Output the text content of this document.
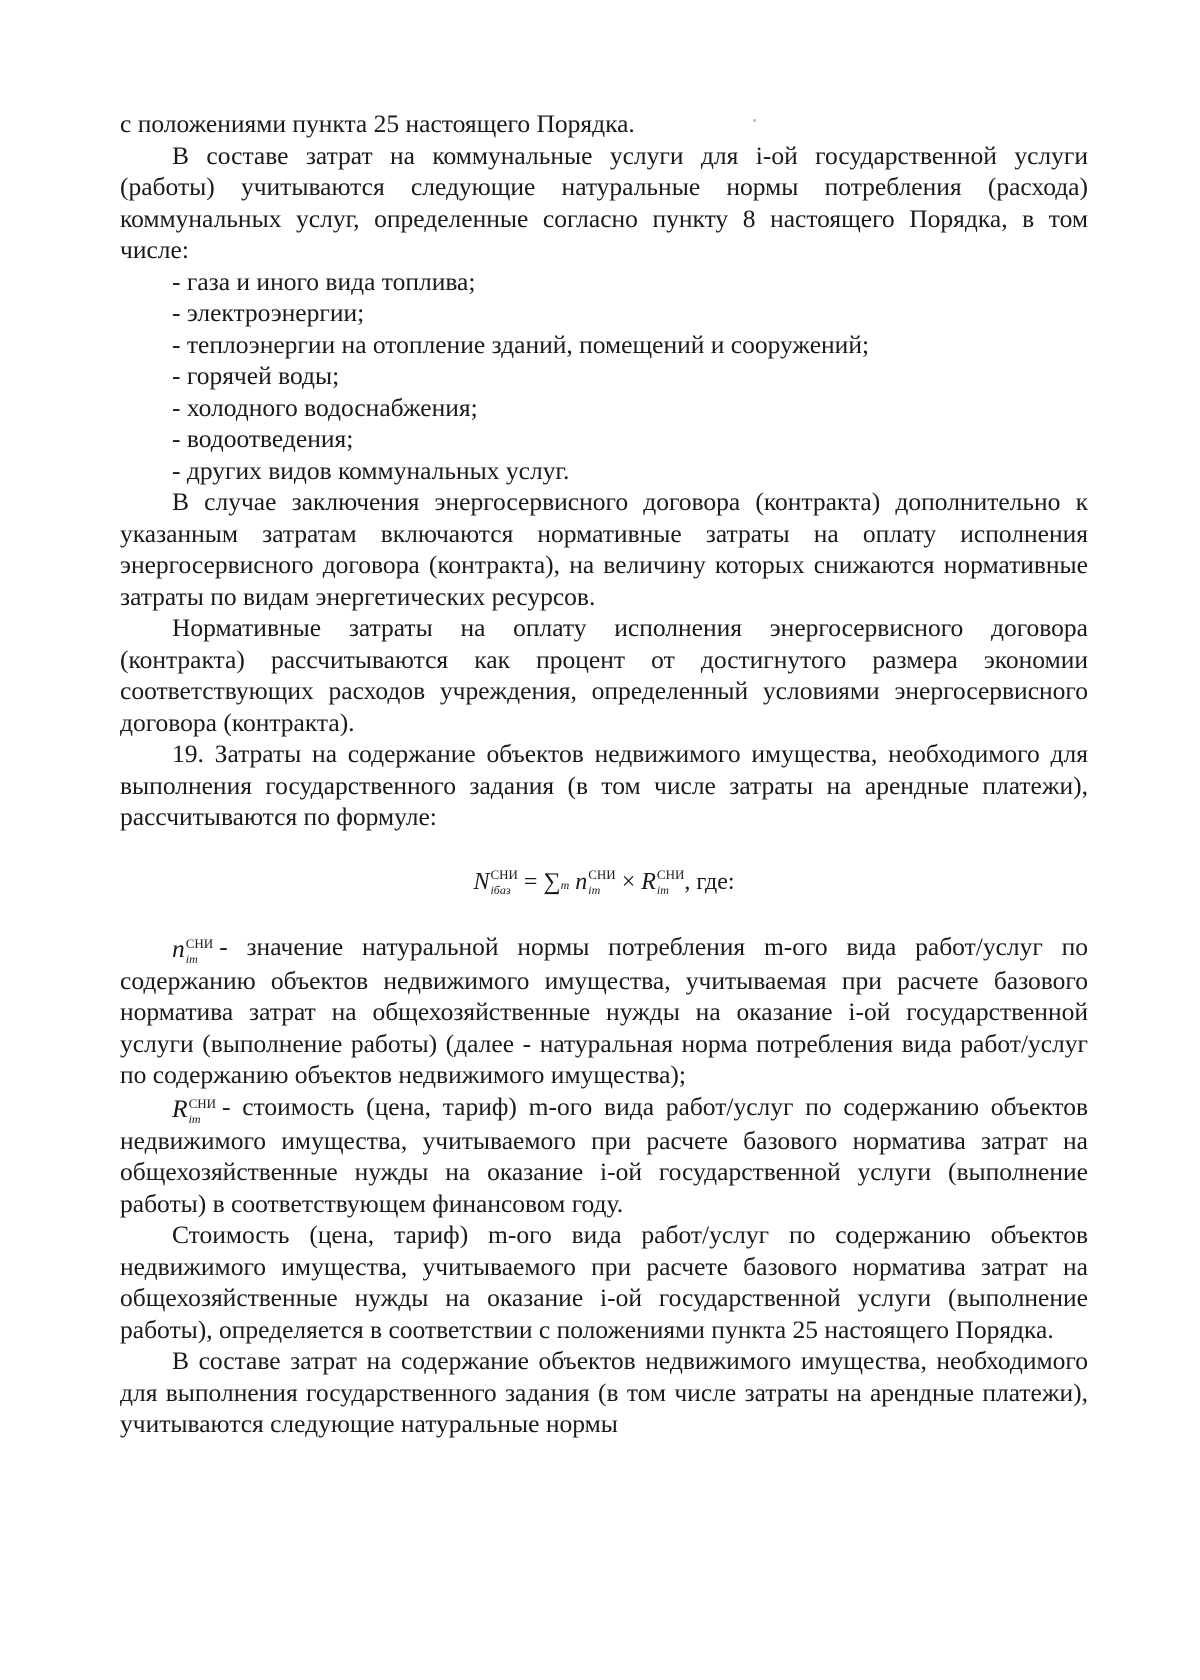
с положениями пункта 25 настоящего Порядка.

В составе затрат на коммунальные услуги для i-ой государственной услуги (работы) учитываются следующие натуральные нормы потребления (расхода) коммунальных услуг, определенные согласно пункту 8 настоящего Порядка, в том числе:

- газа и иного вида топлива;

- электроэнергии;

- теплоэнергии на отопление зданий, помещений и сооружений;

- горячей воды;

- холодного водоснабжения;

- водоотведения;

- других видов коммунальных услуг.

В случае заключения энергосервисного договора (контракта) дополнительно к указанным затратам включаются нормативные затраты на оплату исполнения энергосервисного договора (контракта), на величину которых снижаются нормативные затраты по видам энергетических ресурсов.

Нормативные затраты на оплату исполнения энергосервисного договора (контракта) рассчитываются как процент от достигнутого размера экономии соответствующих расходов учреждения, определенный условиями энергосервисного договора (контракта).

19. Затраты на содержание объектов недвижимого имущества, необходимого для выполнения государственного задания (в том числе затраты на арендные платежи), рассчитываются по формуле:

N СНИ
iбаз = ∑m n СНИ
im × R СНИ
im , где:

n СНИ
im - значение натуральной нормы потребления m-ого вида работ/услуг по содержанию объектов недвижимого имущества, учитываемая при расчете базового норматива затрат на общехозяйственные нужды на оказание i-ой государственной услуги (выполнение работы) (далее - натуральная норма потребления вида работ/услуг по содержанию объектов недвижимого имущества);

R СНИ
im - стоимость (цена, тариф) m-ого вида работ/услуг по содержанию объектов недвижимого имущества, учитываемого при расчете базового норматива затрат на общехозяйственные нужды на оказание i-ой государственной услуги (выполнение работы) в соответствующем финансовом году.

Стоимость (цена, тариф) m-ого вида работ/услуг по содержанию объектов недвижимого имущества, учитываемого при расчете базового норматива затрат на общехозяйственные нужды на оказание i-ой государственной услуги (выполнение работы), определяется в соответствии с положениями пункта 25 настоящего Порядка.

В составе затрат на содержание объектов недвижимого имущества, необходимого для выполнения государственного задания (в том числе затраты на арендные платежи), учитываются следующие натуральные нормы
